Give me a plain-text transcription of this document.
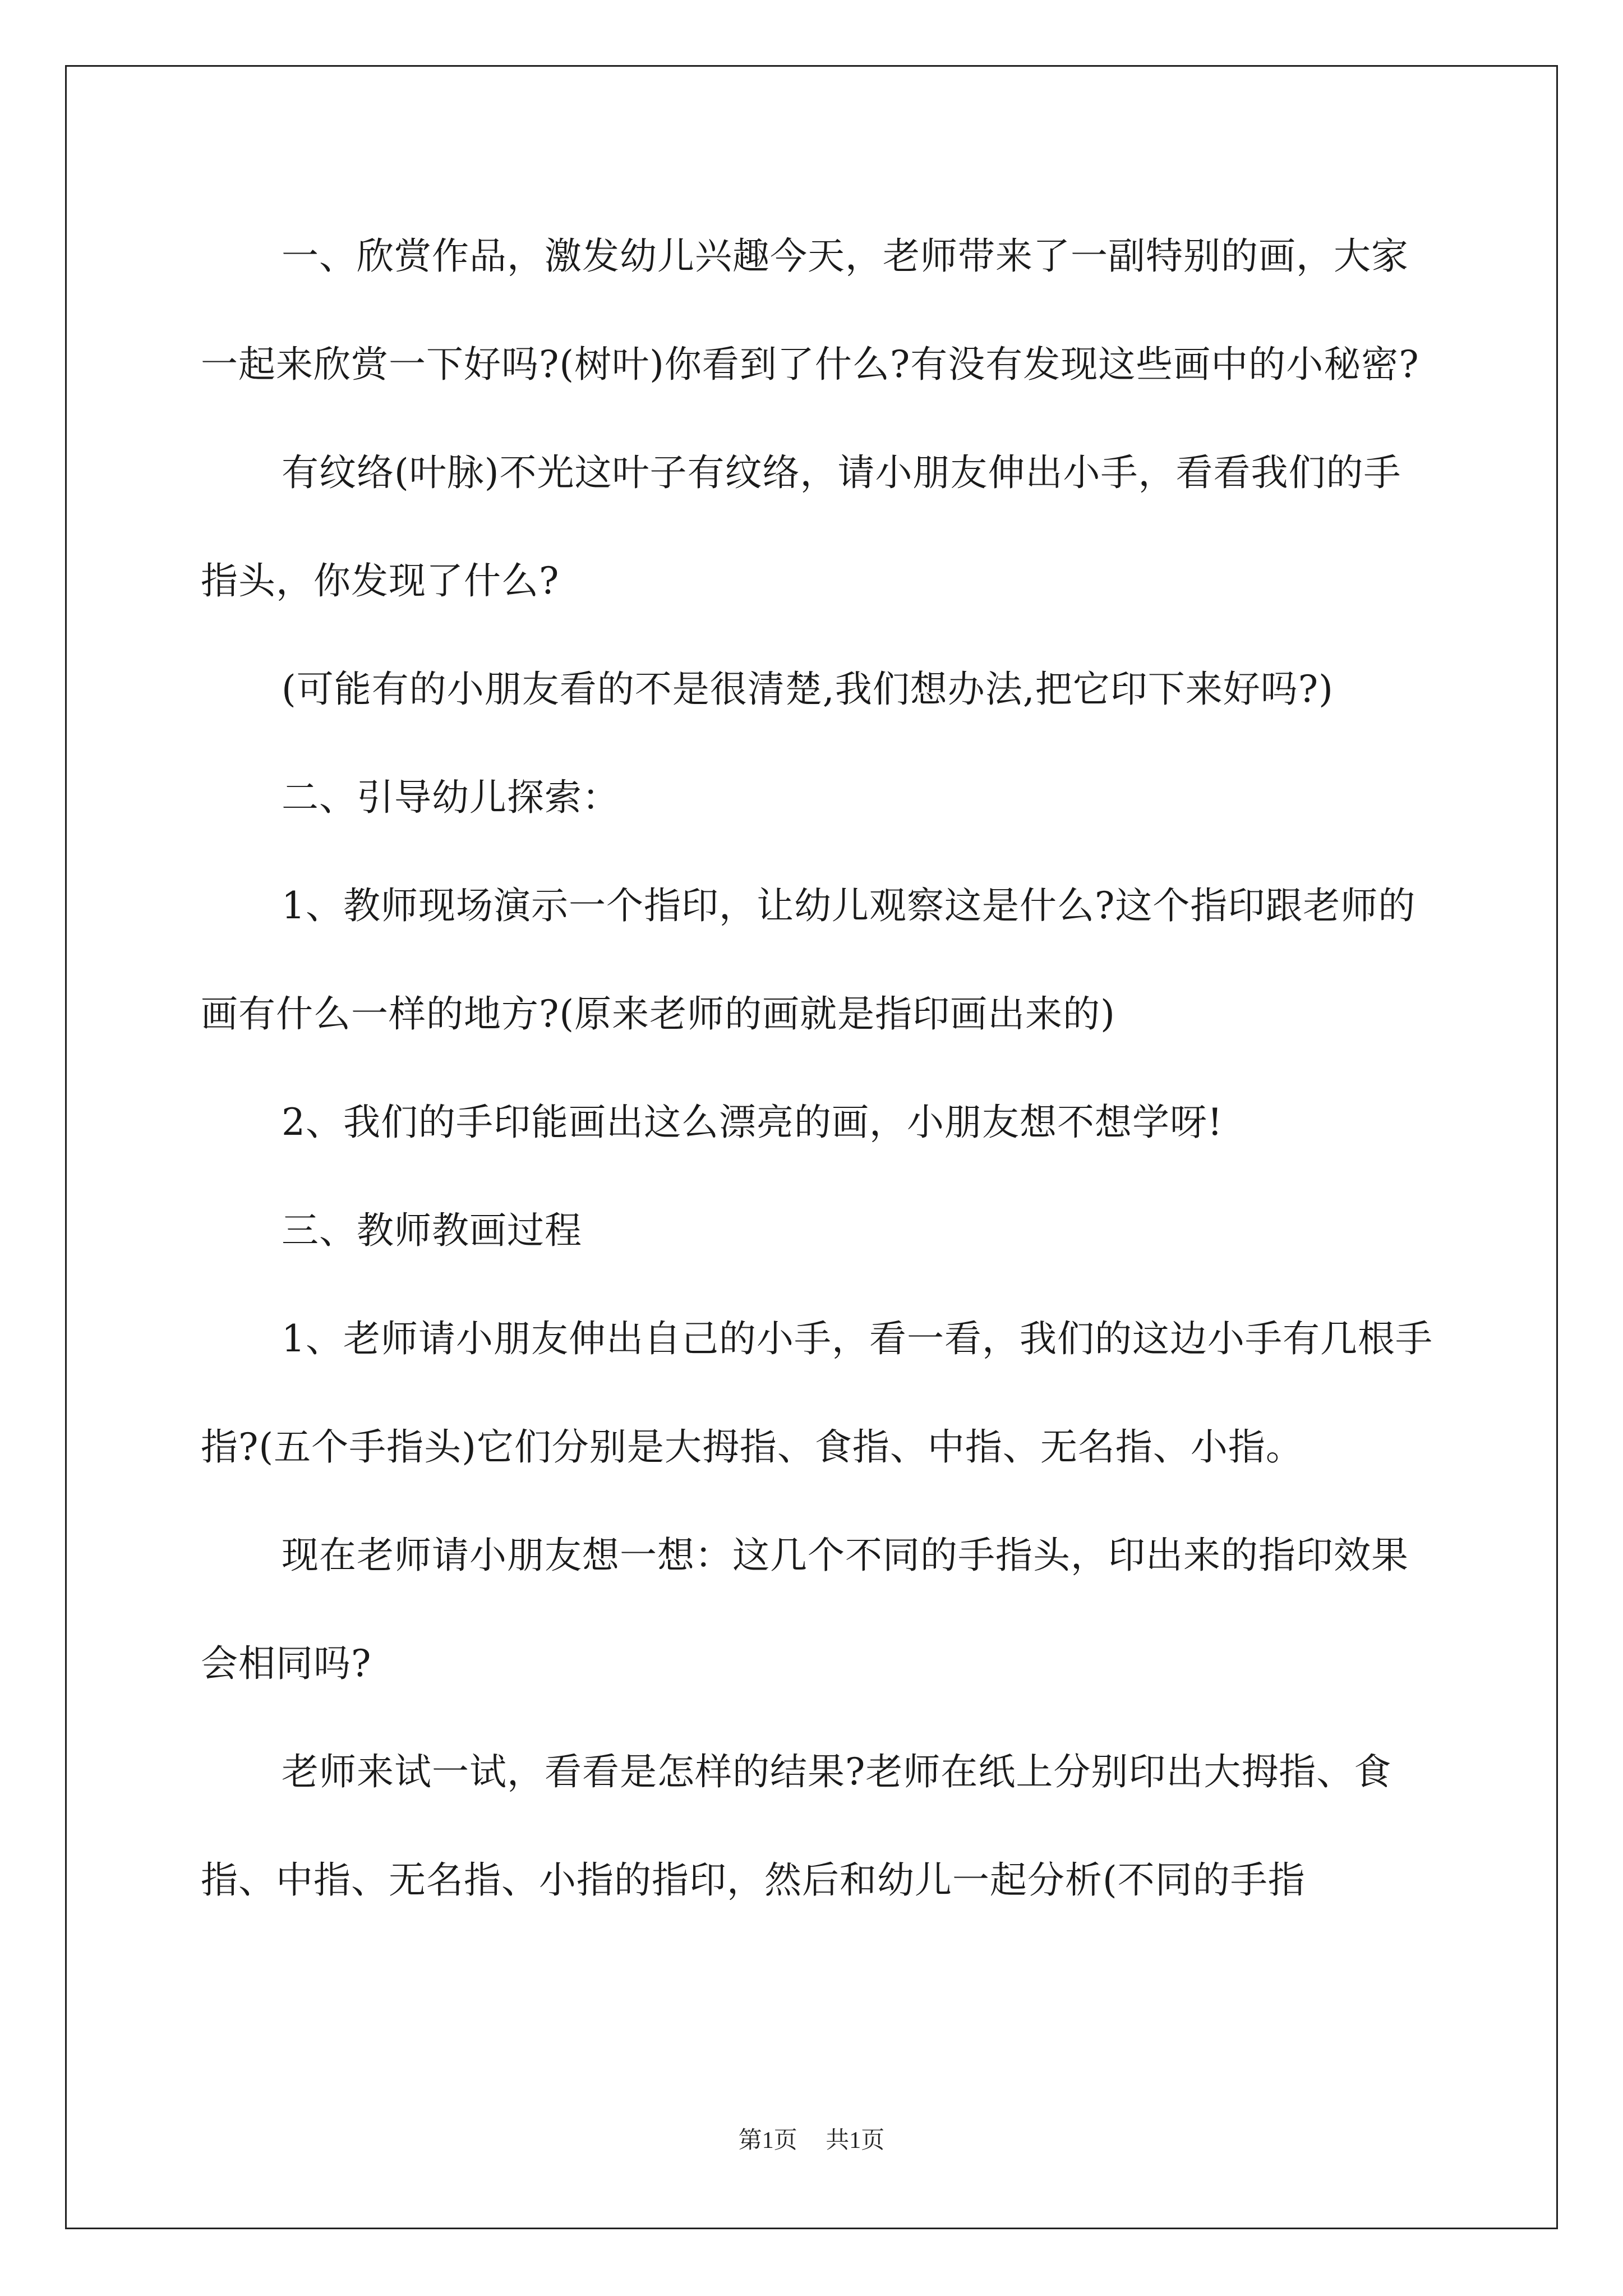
一、欣赏作品，激发幼儿兴趣今天，老师带来了一副特别的画，大家一起来欣赏一下好吗?(树叶)你看到了什么?有没有发现这些画中的小秘密?

有纹络(叶脉)不光这叶子有纹络，请小朋友伸出小手，看看我们的手指头，你发现了什么?

(可能有的小朋友看的不是很清楚,我们想办法,把它印下来好吗?)

二、引导幼儿探索：

1、教师现场演示一个指印，让幼儿观察这是什么?这个指印跟老师的画有什么一样的地方?(原来老师的画就是指印画出来的)

2、我们的手印能画出这么漂亮的画，小朋友想不想学呀!

三、教师教画过程

1、老师请小朋友伸出自己的小手，看一看，我们的这边小手有几根手指?(五个手指头)它们分别是大拇指、食指、中指、无名指、小指。

现在老师请小朋友想一想：这几个不同的手指头，印出来的指印效果会相同吗?

老师来试一试，看看是怎样的结果?老师在纸上分别印出大拇指、食指、中指、无名指、小指的指印，然后和幼儿一起分析(不同的手指

第1页 共1页
